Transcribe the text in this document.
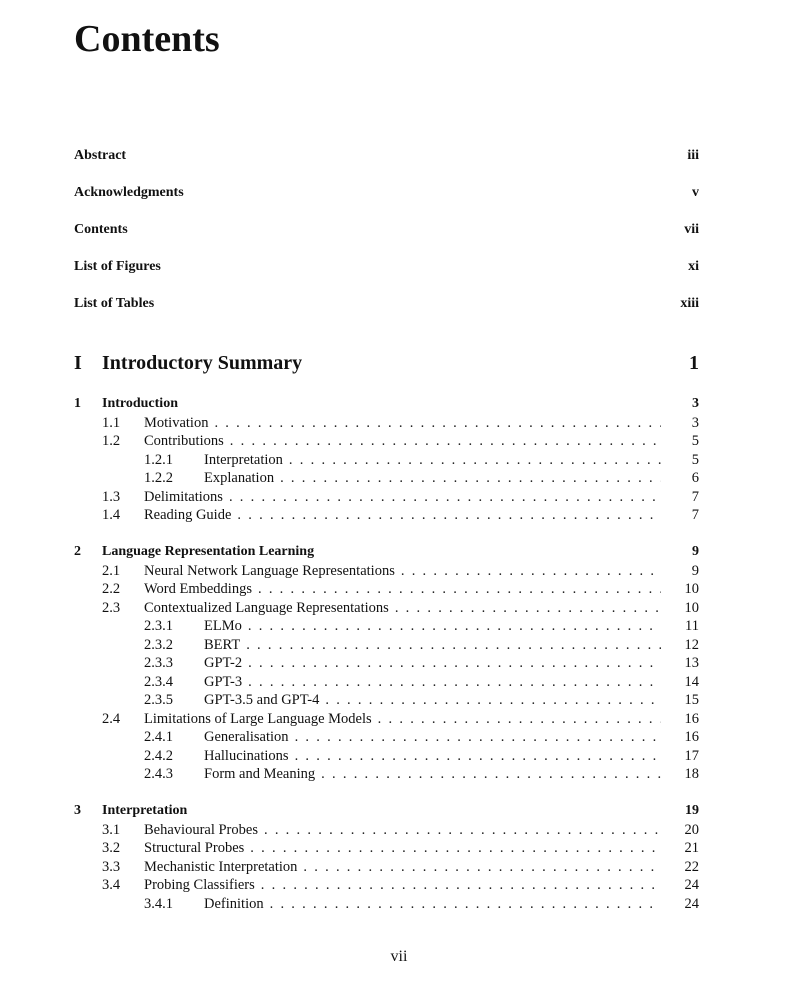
Contents
Abstract	iii
Acknowledgments	v
Contents	vii
List of Figures	xi
List of Tables	xiii
I	Introductory Summary	1
1	Introduction	3
1.1	Motivation . . .	3
1.2	Contributions . . .	5
1.2.1	Interpretation . . .	5
1.2.2	Explanation . . .	6
1.3	Delimitations . . .	7
1.4	Reading Guide . . .	7
2	Language Representation Learning	9
2.1	Neural Network Language Representations . . .	9
2.2	Word Embeddings . . .	10
2.3	Contextualized Language Representations . . .	10
2.3.1	ELMo . . .	11
2.3.2	BERT . . .	12
2.3.3	GPT-2 . . .	13
2.3.4	GPT-3 . . .	14
2.3.5	GPT-3.5 and GPT-4 . . .	15
2.4	Limitations of Large Language Models . . .	16
2.4.1	Generalisation . . .	16
2.4.2	Hallucinations . . .	17
2.4.3	Form and Meaning . . .	18
3	Interpretation	19
3.1	Behavioural Probes . . .	20
3.2	Structural Probes . . .	21
3.3	Mechanistic Interpretation . . .	22
3.4	Probing Classifiers . . .	24
3.4.1	Definition . . .	24
vii
